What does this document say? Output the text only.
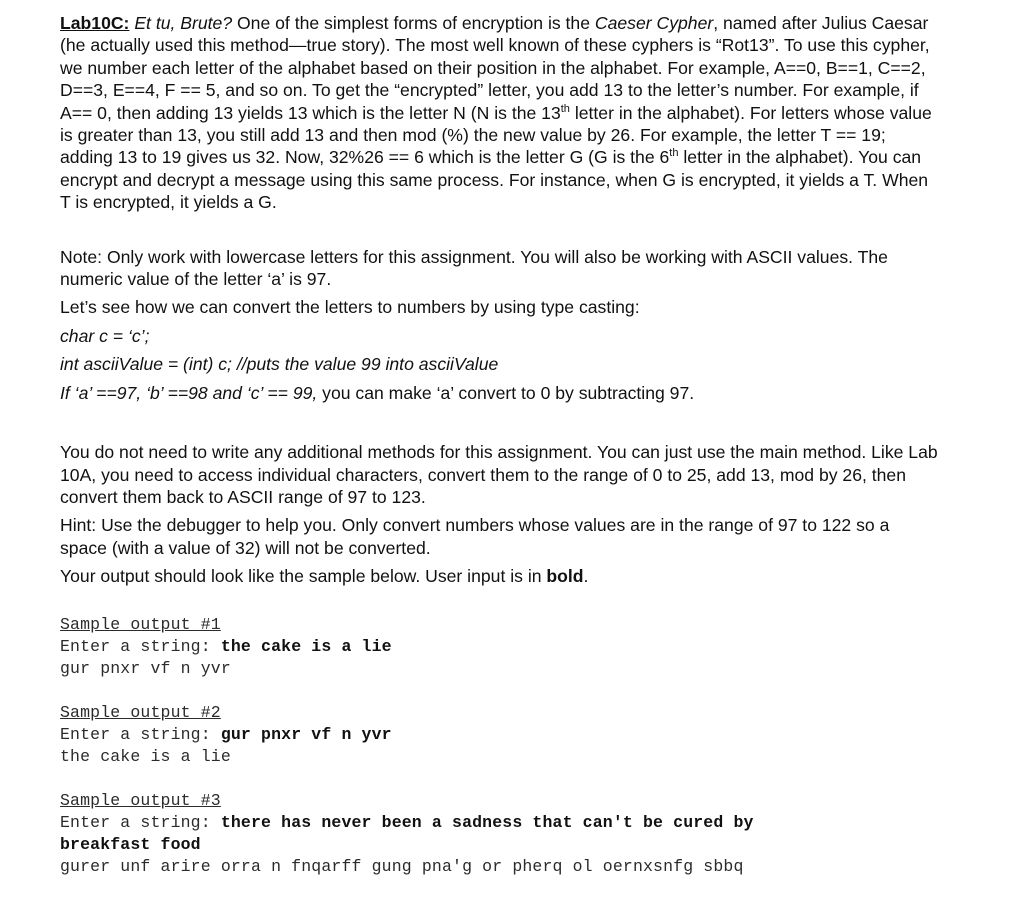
Lab10C: Et tu, Brute? One of the simplest forms of encryption is the Caeser Cypher, named after Julius Caesar (he actually used this method—true story). The most well known of these cyphers is “Rot13”. To use this cypher, we number each letter of the alphabet based on their position in the alphabet. For example, A==0, B==1, C==2, D==3, E==4, F == 5, and so on. To get the “encrypted” letter, you add 13 to the letter’s number. For example, if A== 0, then adding 13 yields 13 which is the letter N (N is the 13th letter in the alphabet). For letters whose value is greater than 13, you still add 13 and then mod (%) the new value by 26. For example, the letter T == 19; adding 13 to 19 gives us 32. Now, 32%26 == 6 which is the letter G (G is the 6th letter in the alphabet). You can encrypt and decrypt a message using this same process. For instance, when G is encrypted, it yields a T. When T is encrypted, it yields a G.

Note: Only work with lowercase letters for this assignment. You will also be working with ASCII values. The numeric value of the letter ‘a’ is 97.

Let’s see how we can convert the letters to numbers by using type casting:

char c = ‘c’;

int asciiValue = (int) c; //puts the value 99 into asciiValue

If ‘a’ ==97, ‘b’ ==98 and ‘c’ == 99, you can make ‘a’ convert to 0 by subtracting 97.

You do not need to write any additional methods for this assignment. You can just use the main method. Like Lab 10A, you need to access individual characters, convert them to the range of 0 to 25, add 13, mod by 26, then convert them back to ASCII range of 97 to 123.

Hint: Use the debugger to help you. Only convert numbers whose values are in the range of 97 to 122 so a space (with a value of 32) will not be converted.

Your output should look like the sample below. User input is in bold.

Sample output #1
Enter a string: the cake is a lie
gur pnxr vf n yvr
Sample output #2
Enter a string: gur pnxr vf n yvr
the cake is a lie
Sample output #3
Enter a string: there has never been a sadness that can't be cured by
breakfast food
gurer unf arire orra n fnqarff gung pna'g or pherq ol oernxsnfg sbbq
